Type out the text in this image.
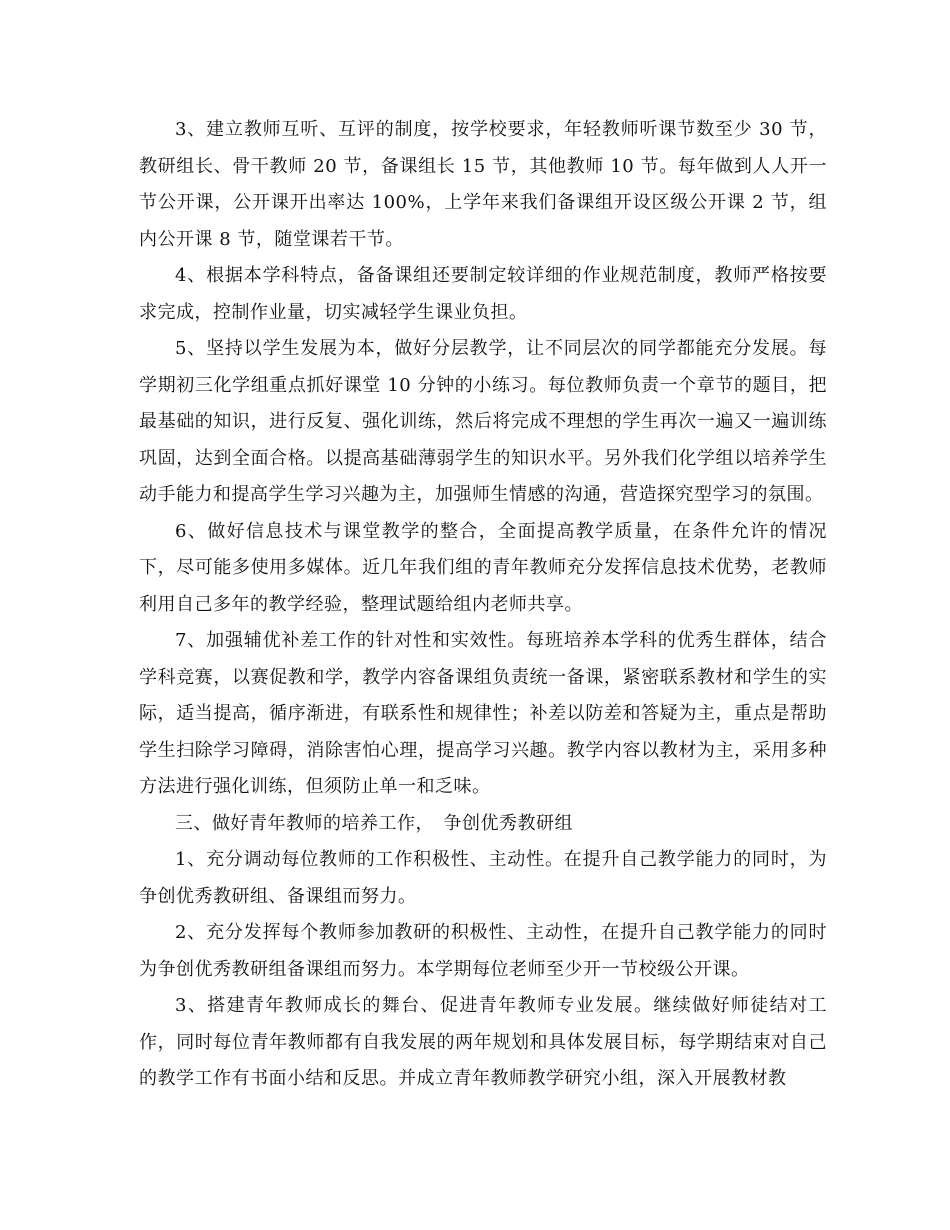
3、建立教师互听、互评的制度，按学校要求，年轻教师听课节数至少 30 节，教研组长、骨干教师 20 节，备课组长 15 节，其他教师 10 节。每年做到人人开一节公开课，公开课开出率达 100%，上学年来我们备课组开设区级公开课 2 节，组内公开课 8 节，随堂课若干节。

4、根据本学科特点，备备课组还要制定较详细的作业规范制度，教师严格按要求完成，控制作业量，切实减轻学生课业负担。

5、坚持以学生发展为本，做好分层教学，让不同层次的同学都能充分发展。每学期初三化学组重点抓好课堂 10 分钟的小练习。每位教师负责一个章节的题目，把最基础的知识，进行反复、强化训练，然后将完成不理想的学生再次一遍又一遍训练巩固，达到全面合格。以提高基础薄弱学生的知识水平。另外我们化学组以培养学生动手能力和提高学生学习兴趣为主，加强师生情感的沟通，营造探究型学习的氛围。

6、做好信息技术与课堂教学的整合，全面提高教学质量，在条件允许的情况下，尽可能多使用多媒体。近几年我们组的青年教师充分发挥信息技术优势，老教师利用自己多年的教学经验，整理试题给组内老师共享。

7、加强辅优补差工作的针对性和实效性。每班培养本学科的优秀生群体，结合学科竞赛，以赛促教和学，教学内容备课组负责统一备课，紧密联系教材和学生的实际，适当提高，循序渐进，有联系性和规律性；补差以防差和答疑为主，重点是帮助学生扫除学习障碍，消除害怕心理，提高学习兴趣。教学内容以教材为主，采用多种方法进行强化训练，但须防止单一和乏味。

三、做好青年教师的培养工作，　争创优秀教研组

1、充分调动每位教师的工作积极性、主动性。在提升自己教学能力的同时，为争创优秀教研组、备课组而努力。

2、充分发挥每个教师参加教研的积极性、主动性，在提升自己教学能力的同时为争创优秀教研组备课组而努力。本学期每位老师至少开一节校级公开课。

3、搭建青年教师成长的舞台、促进青年教师专业发展。继续做好师徒结对工作，同时每位青年教师都有自我发展的两年规划和具体发展目标，每学期结束对自己的教学工作有书面小结和反思。并成立青年教师教学研究小组，深入开展教材教
